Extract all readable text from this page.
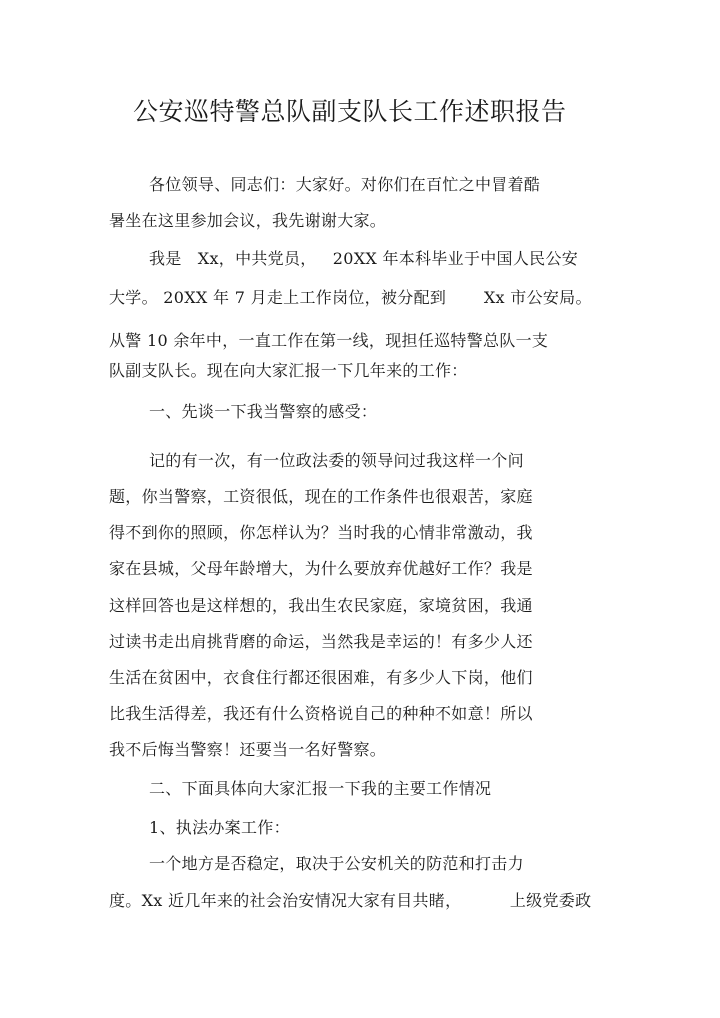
公安巡特警总队副支队长工作述职报告
各位领导、同志们：大家好。对你们在百忙之中冒着酷
暑坐在这里参加会议，我先谢谢大家。
我是   Xx，中共党员，   20XX 年本科毕业于中国人民公安
大学。 20XX 年 7 月走上工作岗位，被分配到       Xx 市公安局。
从警 10 余年中，一直工作在第一线，现担任巡特警总队一支
队副支队长。现在向大家汇报一下几年来的工作：
一、先谈一下我当警察的感受：
记的有一次，有一位政法委的领导问过我这样一个问
题，你当警察，工资很低，现在的工作条件也很艰苦，家庭
得不到你的照顾，你怎样认为？当时我的心情非常激动，我
家在县城，父母年龄增大，为什么要放弃优越好工作？我是
这样回答也是这样想的，我出生农民家庭，家境贫困，我通
过读书走出肩挑背磨的命运，当然我是幸运的！有多少人还
生活在贫困中，衣食住行都还很困难，有多少人下岗，他们
比我生活得差，我还有什么资格说自己的种种不如意！所以
我不后悔当警察！还要当一名好警察。
二、下面具体向大家汇报一下我的主要工作情况
1、执法办案工作：
一个地方是否稳定，取决于公安机关的防范和打击力
度。Xx 近几年来的社会治安情况大家有目共睹，         上级党委政
